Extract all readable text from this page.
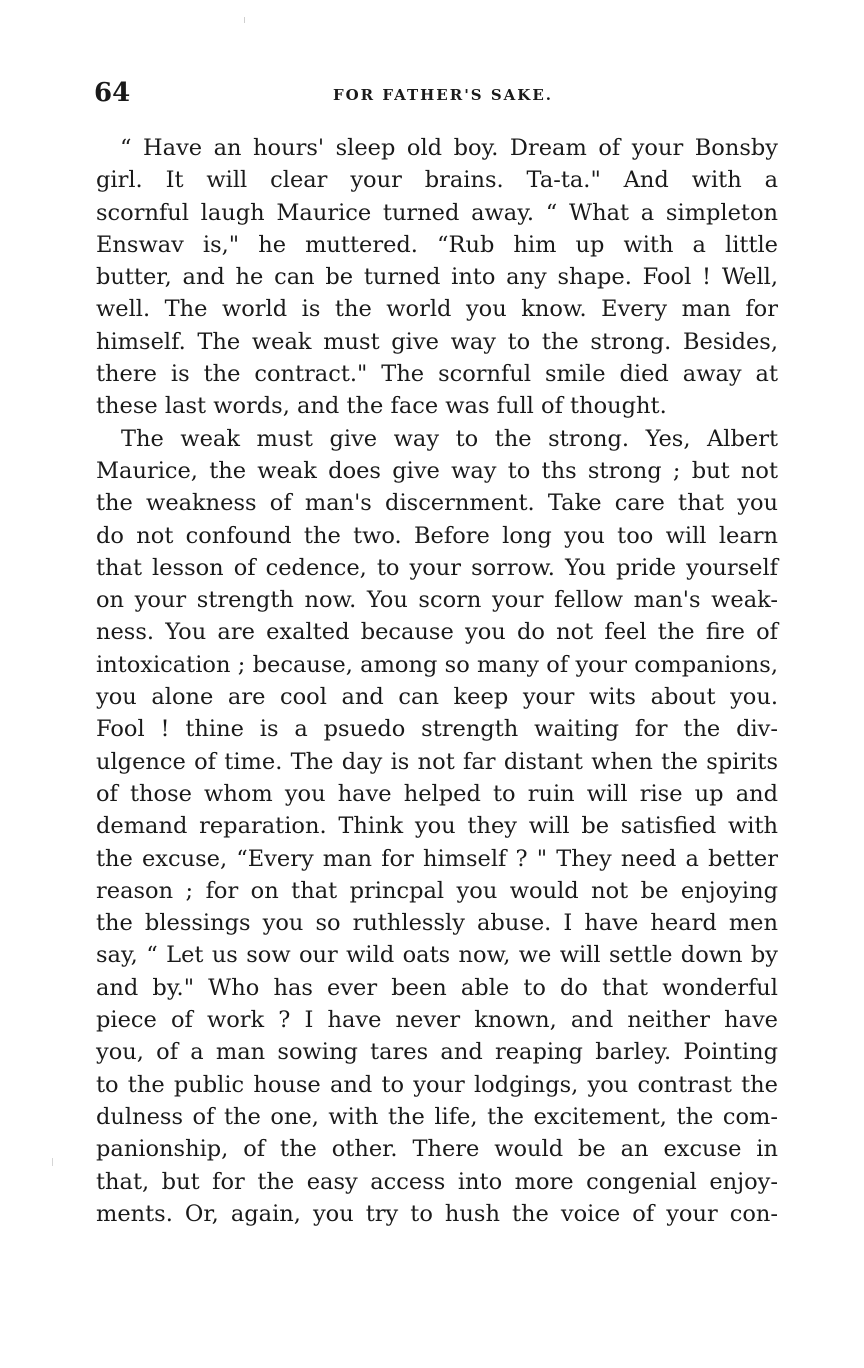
64	FOR FATHER'S SAKE.
“ Have an hours' sleep old boy. Dream of your Bonsby
girl. It will clear your brains. Ta-ta." And with a
scornful laugh Maurice turned away. “ What a simpleton
Enswav is," he muttered. “Rub him up with a little
butter, and he can be turned into any shape. Fool ! Well,
well. The world is the world you know. Every man for
himself. The weak must give way to the strong. Besides,
there is the contract." The scornful smile died away at
these last words, and the face was full of thought.
The weak must give way to the strong. Yes, Albert
Maurice, the weak does give way to ths strong ; but not
the weakness of man's discernment. Take care that you
do not confound the two. Before long you too will learn
that lesson of cedence, to your sorrow. You pride yourself
on your strength now. You scorn your fellow man's weak-
ness. You are exalted because you do not feel the fire of
intoxication ; because, among so many of your companions,
you alone are cool and can keep your wits about you.
Fool ! thine is a psuedo strength waiting for the div-
ulgence of time. The day is not far distant when the spirits
of those whom you have helped to ruin will rise up and
demand reparation. Think you they will be satisfied with
the excuse, “Every man for himself ? " They need a better
reason ; for on that princpal you would not be enjoying
the blessings you so ruthlessly abuse. I have heard men
say, “ Let us sow our wild oats now, we will settle down by
and by." Who has ever been able to do that wonderful
piece of work ? I have never known, and neither have
you, of a man sowing tares and reaping barley. Pointing
to the public house and to your lodgings, you contrast the
dulness of the one, with the life, the excitement, the com-
panionship, of the other. There would be an excuse in
that, but for the easy access into more congenial enjoy-
ments. Or, again, you try to hush the voice of your con-
